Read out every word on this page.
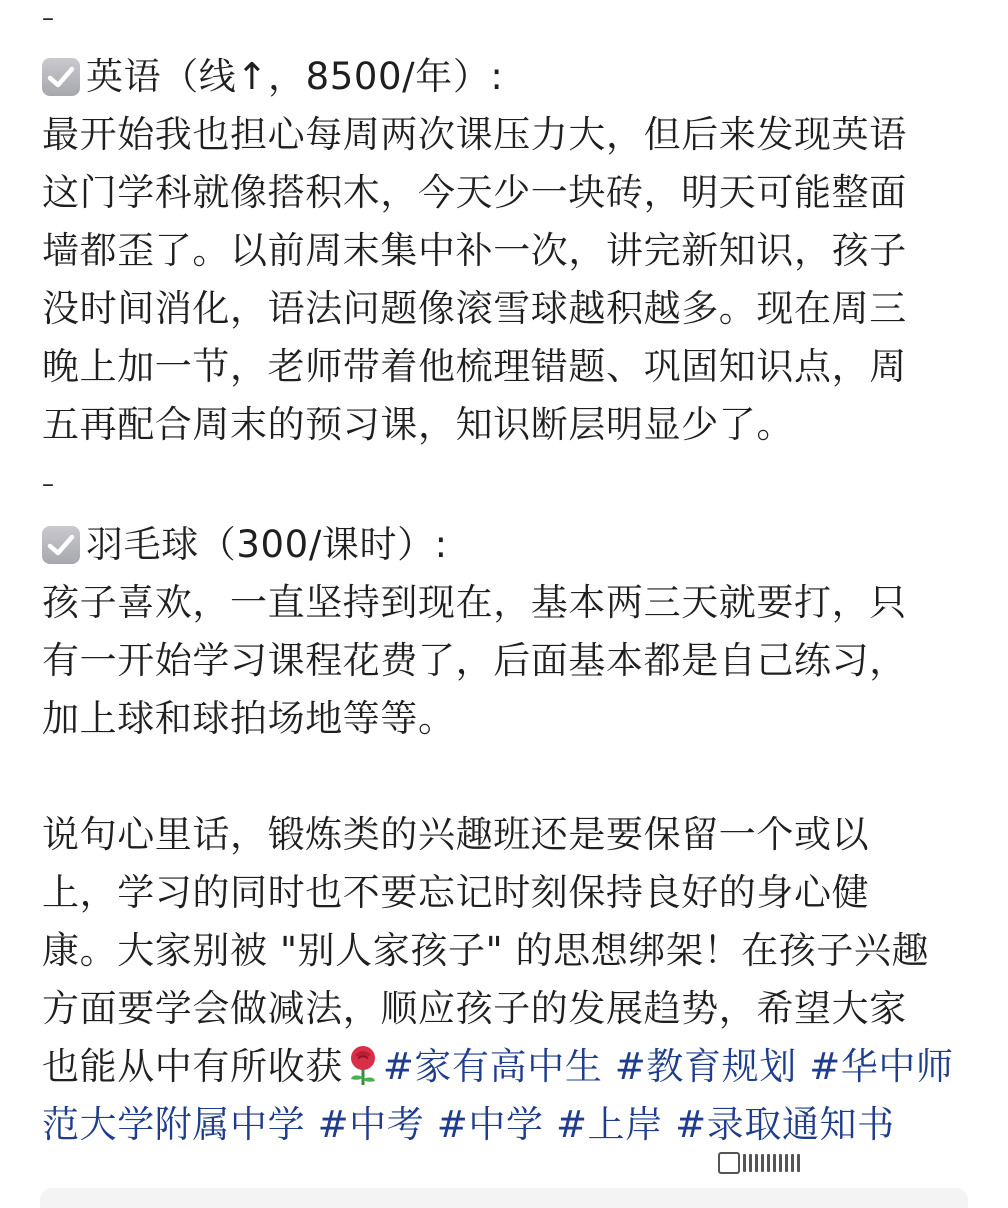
–
英语（线↑，8500/年）:
最开始我也担心每周两次课压力大，但后来发现英语
这门学科就像搭积木，今天少一块砖，明天可能整面
墙都歪了。以前周末集中补一次，讲完新知识，孩子
没时间消化，语法问题像滚雪球越积越多。现在周三
晚上加一节，老师带着他梳理错题、巩固知识点，周
五再配合周末的预习课，知识断层明显少了。
–
羽毛球（300/课时）:
孩子喜欢，一直坚持到现在，基本两三天就要打，只
有一开始学习课程花费了，后面基本都是自己练习，
加上球和球拍场地等等。
说句心里话，锻炼类的兴趣班还是要保留一个或以
上，学习的同时也不要忘记时刻保持良好的身心健
康。大家别被 "别人家孩子" 的思想绑架！在孩子兴趣
方面要学会做减法，顺应孩子的发展趋势，希望大家
也能从中有所收获 #家有高中生 #教育规划 #华中师
范大学附属中学 #中考 #中学 #上岸 #录取通知书
